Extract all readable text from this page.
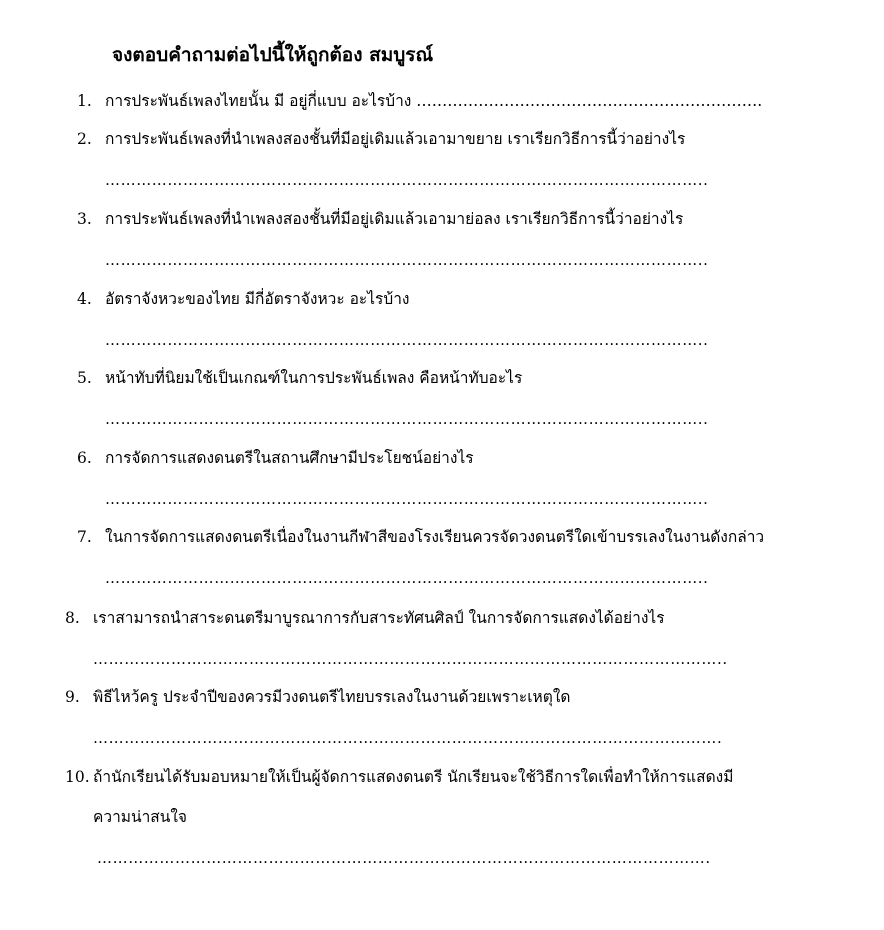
จงตอบคำถามต่อไปนี้ให้ถูกต้อง สมบูรณ์
1. การประพันธ์เพลงไทยนั้น มี อยู่กี่แบบ อะไรบ้าง ………………………………………………………….
2. การประพันธ์เพลงที่นำเพลงสองชั้นที่มีอยู่เดิมแล้วเอามาขยาย เราเรียกวิธีการนี้ว่าอย่างไร
……………………………………………………………………………………………………..
3. การประพันธ์เพลงที่นำเพลงสองชั้นที่มีอยู่เดิมแล้วเอามาย่อลง เราเรียกวิธีการนี้ว่าอย่างไร
……………………………………………………………………………………………………..
4. อัตราจังหวะของไทย มีกี่อัตราจังหวะ อะไรบ้าง
……………………………………………………………………………………………………..
5. หน้าทับที่นิยมใช้เป็นเกณฑ์ในการประพันธ์เพลง คือหน้าทับอะไร
……………………………………………………………………………………………………..
6. การจัดการแสดงดนตรีในสถานศึกษามีประโยชน์อย่างไร
……………………………………………………………………………………………………..
7. ในการจัดการแสดงดนตรีเนื่องในงานกีฬาสีของโรงเรียนควรจัดวงดนตรีใดเข้าบรรเลงในงานดังกล่าว
……………………………………………………………………………………………………..
8. เราสามารถนำสาระดนตรีมาบูรณาการกับสาระทัศนศิลป์ ในการจัดการแสดงได้อย่างไร
…………………………………………………………………………………………………………..
9. พิธีไหว้ครู ประจำปีของควรมีวงดนตรีไทยบรรเลงในงานด้วยเพราะเหตุใด
………………………………………………………………………………………………………….
10. ถ้านักเรียนได้รับมอบหมายให้เป็นผู้จัดการแสดงดนตรี นักเรียนจะใช้วิธีการใดเพื่อทำให้การแสดงมี
ความน่าสนใจ
……………………………………………………………………………………………………….
